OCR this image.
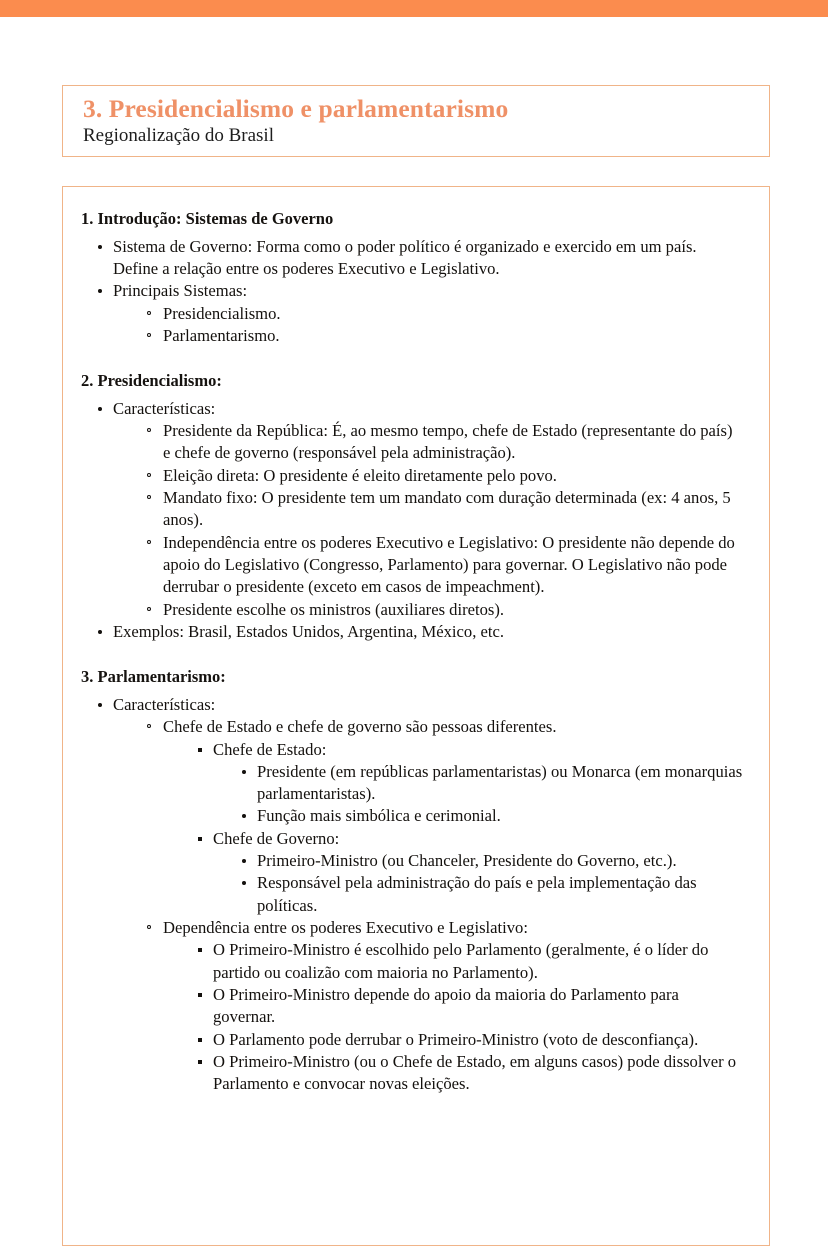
3. Presidencialismo e parlamentarismo
Regionalização do Brasil
1. Introdução: Sistemas de Governo
Sistema de Governo: Forma como o poder político é organizado e exercido em um país. Define a relação entre os poderes Executivo e Legislativo.
Principais Sistemas:
Presidencialismo.
Parlamentarismo.
2. Presidencialismo:
Características:
Presidente da República: É, ao mesmo tempo, chefe de Estado (representante do país) e chefe de governo (responsável pela administração).
Eleição direta: O presidente é eleito diretamente pelo povo.
Mandato fixo: O presidente tem um mandato com duração determinada (ex: 4 anos, 5 anos).
Independência entre os poderes Executivo e Legislativo: O presidente não depende do apoio do Legislativo (Congresso, Parlamento) para governar. O Legislativo não pode derrubar o presidente (exceto em casos de impeachment).
Presidente escolhe os ministros (auxiliares diretos).
Exemplos: Brasil, Estados Unidos, Argentina, México, etc.
3. Parlamentarismo:
Características:
Chefe de Estado e chefe de governo são pessoas diferentes.
Chefe de Estado:
Presidente (em repúblicas parlamentaristas) ou Monarca (em monarquias parlamentaristas).
Função mais simbólica e cerimonial.
Chefe de Governo:
Primeiro-Ministro (ou Chanceler, Presidente do Governo, etc.).
Responsável pela administração do país e pela implementação das políticas.
Dependência entre os poderes Executivo e Legislativo:
O Primeiro-Ministro é escolhido pelo Parlamento (geralmente, é o líder do partido ou coalizão com maioria no Parlamento).
O Primeiro-Ministro depende do apoio da maioria do Parlamento para governar.
O Parlamento pode derrubar o Primeiro-Ministro (voto de desconfiança).
O Primeiro-Ministro (ou o Chefe de Estado, em alguns casos) pode dissolver o Parlamento e convocar novas eleições.
